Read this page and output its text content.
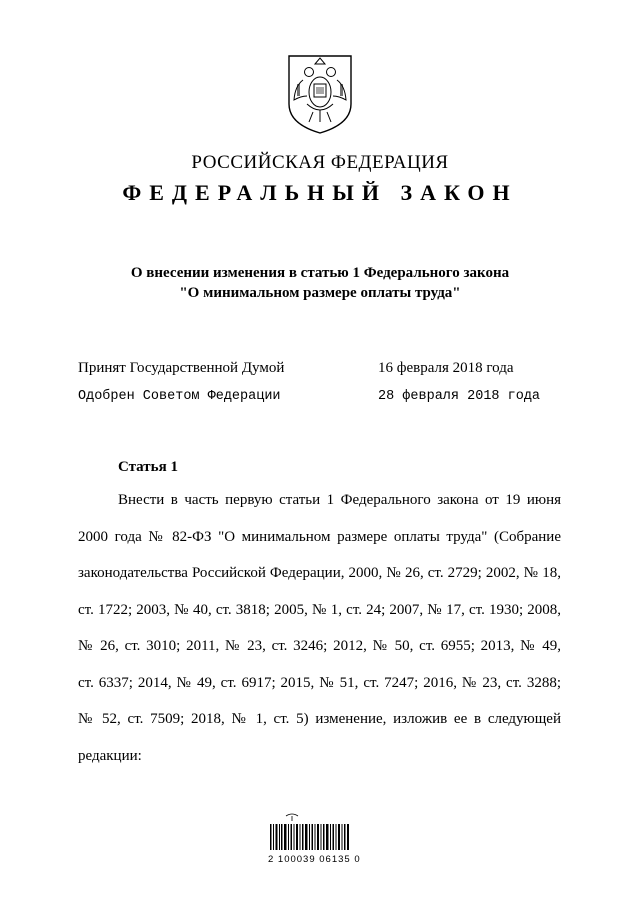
РОССИЙСКАЯ ФЕДЕРАЦИЯ
ФЕДЕРАЛЬНЫЙ ЗАКОН
О внесении изменения в статью 1 Федерального закона
"О минимальном размере оплаты труда"
Принят Государственной Думой	16 февраля 2018 года
Одобрен Советом Федерации	28 февраля 2018 года
Статья 1
Внести в часть первую статьи 1 Федерального закона от 19 июня
2000 года № 82-ФЗ "О минимальном размере оплаты труда" (Собрание
законодательства Российской Федерации, 2000, № 26, ст. 2729; 2002, № 18,
ст. 1722; 2003, № 40, ст. 3818; 2005, № 1, ст. 24; 2007, № 17, ст. 1930; 2008,
№ 26, ст. 3010; 2011, № 23, ст. 3246; 2012, № 50, ст. 6955; 2013, № 49,
ст. 6337; 2014, № 49, ст. 6917; 2015, № 51, ст. 7247; 2016, № 23, ст. 3288;
№ 52, ст. 7509; 2018, № 1, ст. 5) изменение, изложив ее в следующей
редакции:
2 100039 06135 0
